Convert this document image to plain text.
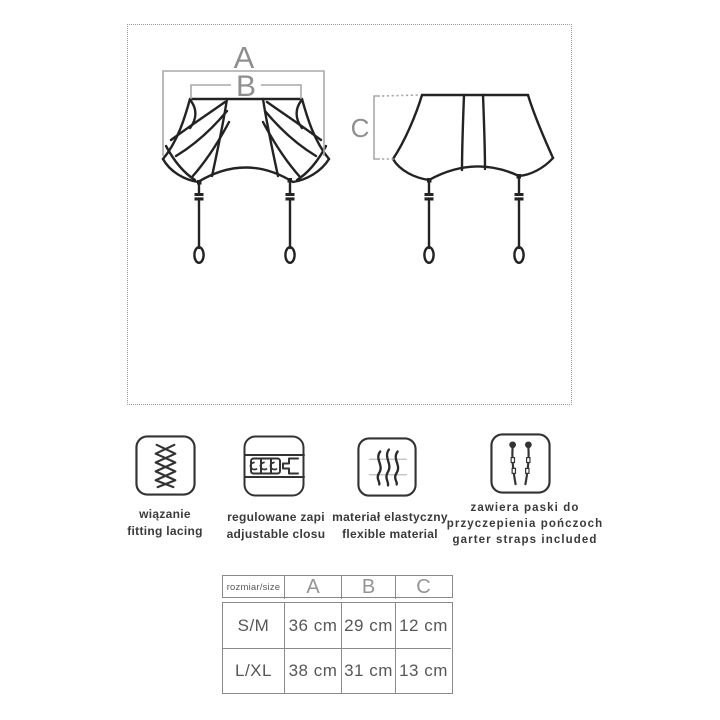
A
B
C
wiązanie
fitting lacing
regulowane zapi
adjustable closu
materiał elastyczny
flexible material
zawiera paski do
przyczepienia pończoch
garter straps included
rozmiar/size	A	B	C
S/M	36 cm 29 cm 12 cm
L/XL 38 cm 31 cm 13 cm
